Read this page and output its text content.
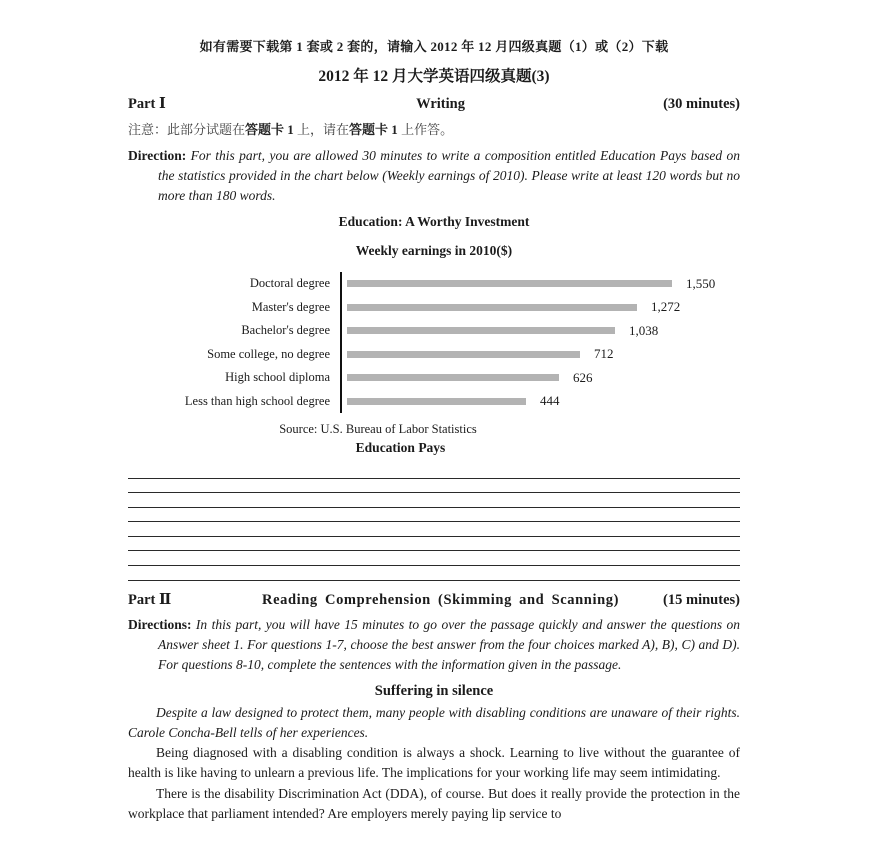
如有需要下载第 1 套或 2 套的，请输入 2012 年 12 月四级真题（1）或（2）下载
2012 年 12 月大学英语四级真题(3)
Part Ⅰ	Writing	(30 minutes)
注意：此部分试题在答题卡 1 上，请在答题卡 1 上作答。

Direction: For this part, you are allowed 30 minutes to write a composition entitled Education Pays based on the statistics provided in the chart below (Weekly earnings of 2010). Please write at least 120 words but no more than 180 words.

Education: A Worthy Investment
Weekly earnings in 2010($)
Doctoral degree	1,550
Master's degree	1,272
Bachelor's degree	1,038
Some college, no degree	712
High school diploma	626
Less than high school degree	444
Source: U.S. Bureau of Labor Statistics
Education Pays
Part Ⅱ	Reading Comprehension (Skimming and Scanning)	(15 minutes)

Directions: In this part, you will have 15 minutes to go over the passage quickly and answer the questions on Answer sheet 1. For questions 1-7, choose the best answer from the four choices marked A), B), C) and D). For questions 8-10, complete the sentences with the information given in the passage.

Suffering in silence

Despite a law designed to protect them, many people with disabling conditions are unaware of their rights. Carole Concha-Bell tells of her experiences.

Being diagnosed with a disabling condition is always a shock. Learning to live without the guarantee of health is like having to unlearn a previous life. The implications for your working life may seem intimidating.

There is the disability Discrimination Act (DDA), of course. But does it really provide the protection in the workplace that parliament intended? Are employers merely paying lip service to
